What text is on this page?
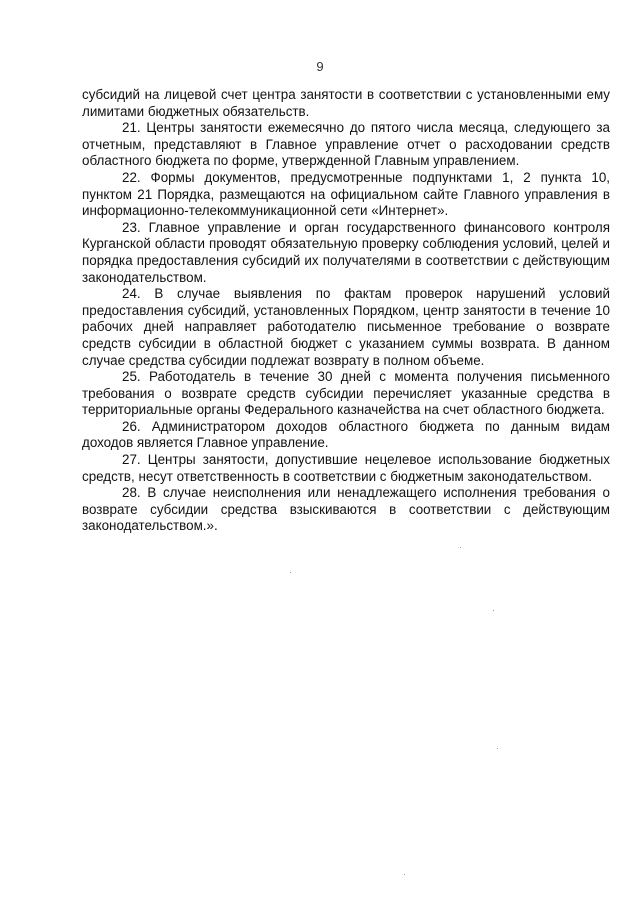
9

субсидий на лицевой счет центра занятости в соответствии с установленными ему лимитами бюджетных обязательств.

21. Центры занятости ежемесячно до пятого числа месяца, следующего за отчетным, представляют в Главное управление отчет о расходовании средств областного бюджета по форме, утвержденной Главным управлением.

22. Формы документов, предусмотренные подпунктами 1, 2 пункта 10, пунктом 21 Порядка, размещаются на официальном сайте Главного управления в информационно-телекоммуникационной сети «Интернет».

23. Главное управление и орган государственного финансового контроля Курганской области проводят обязательную проверку соблюдения условий, целей и порядка предоставления субсидий их получателями в соответствии с действующим законодательством.

24. В случае выявления по фактам проверок нарушений условий предоставления субсидий, установленных Порядком, центр занятости в течение 10 рабочих дней направляет работодателю письменное требование о возврате средств субсидии в областной бюджет с указанием суммы возврата. В данном случае средства субсидии подлежат возврату в полном объеме.

25. Работодатель в течение 30 дней с момента получения письменного требования о возврате средств субсидии перечисляет указанные средства в территориальные органы Федерального казначейства на счет областного бюджета.

26. Администратором доходов областного бюджета по данным видам доходов является Главное управление.

27. Центры занятости, допустившие нецелевое использование бюджетных средств, несут ответственность в соответствии с бюджетным законодательством.

28. В случае неисполнения или ненадлежащего исполнения требования о возврате субсидии средства взыскиваются в соответствии с действующим законодательством.».
